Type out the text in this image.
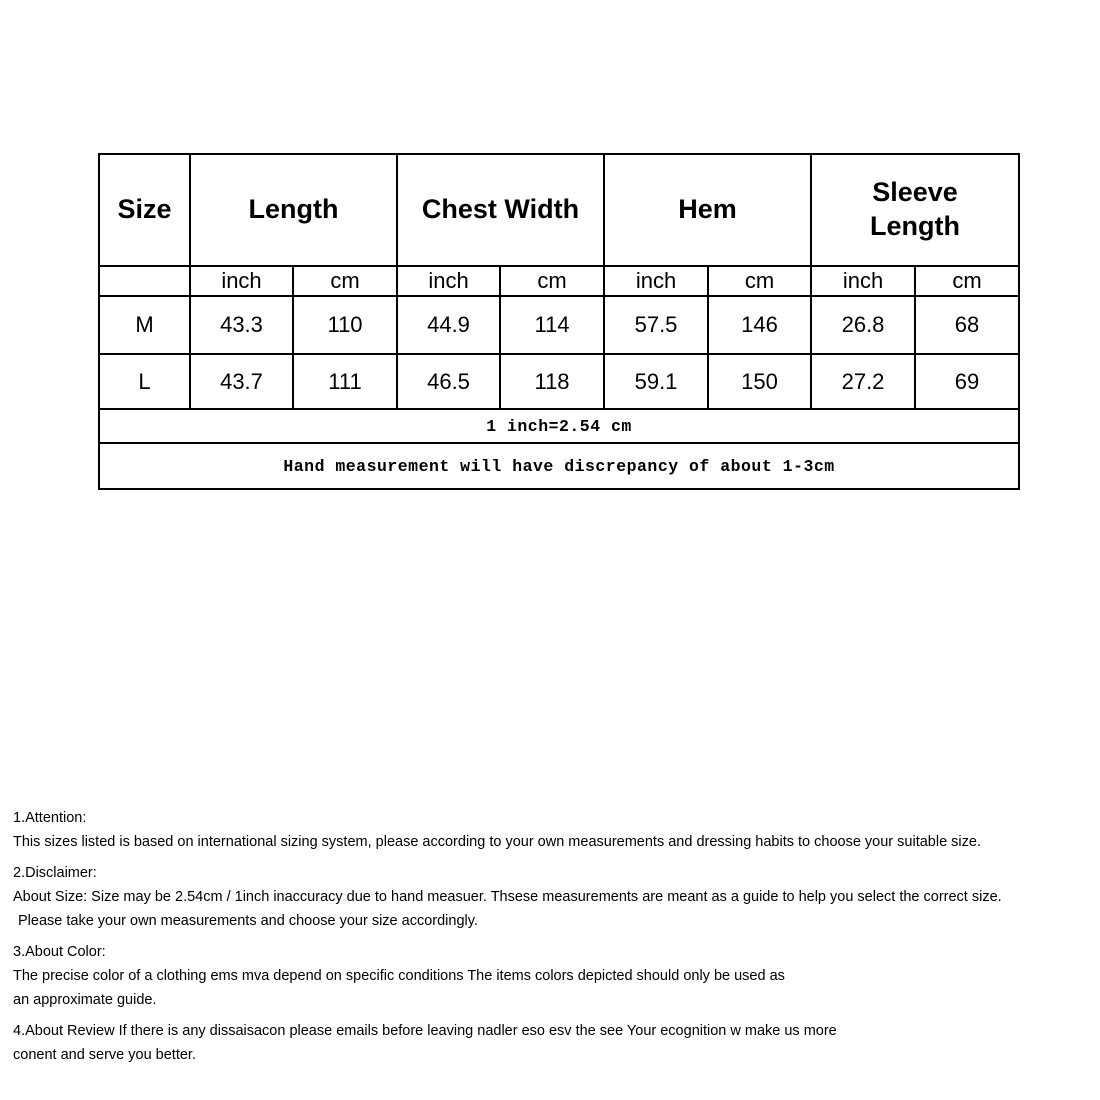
Size	Length		Chest Width		Hem		Sleeve Length	

	inch	cm	inch	cm	inch	cm	inch	cm
M	43.3	110	44.9	114	57.5	146	26.8	68
L	43.7	111	46.5	118	59.1	150	27.2	69
1 inch=2.54 cm								
Hand measurement will have discrepancy of about 1-3cm								
1.Attention:
This sizes listed is based on international sizing system, please according to your own measurements and dressing habits to choose your suitable size.
2.Disclaimer:
About Size: Size may be 2.54cm / 1inch inaccuracy due to hand measuer. Thsese measurements are meant as a guide to help you select the correct size.
Please take your own measurements and choose your size accordingly.
3.About Color:
The precise color of a clothing ems mva depend on specific conditions The items colors depicted should only be used as
an approximate guide.
4.About Review If there is any dissaisacon please emails before leaving nadler eso esv the see Your ecognition w make us more
conent and serve you better.
